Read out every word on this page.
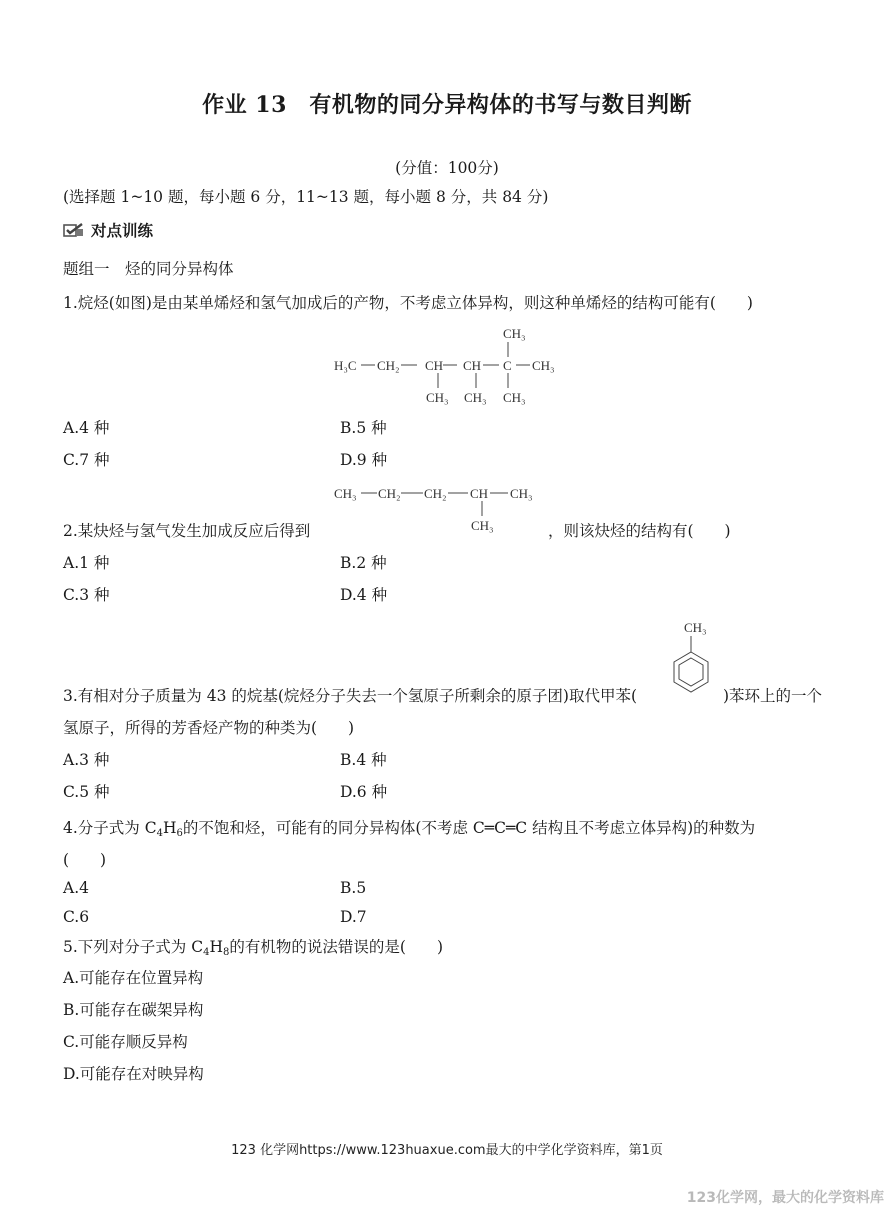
作业 13　有机物的同分异构体的书写与数目判断
(分值：100分)
(选择题 1~10 题，每小题 6 分，11~13 题，每小题 8 分，共 84 分)
对点训练
题组一　烃的同分异构体
1.烷烃(如图)是由某单烯烃和氢气加成后的产物，不考虑立体异构，则这种单烯烃的结构可能有(　　)
H₃C CH₂ CH CH C CH₃
CH₃
CH₃ CH₃ CH₃
A.4 种	B.5 种
C.7 种	D.9 种
CH₃ CH₂ CH₂ CH CH₃
CH₃
2.某炔烃与氢气发生加成反应后得到	，则该炔烃的结构有(　　)
A.1 种	B.2 种
C.3 种	D.4 种
CH₃
3.有相对分子质量为 43 的烷基(烷烃分子失去一个氢原子所剩余的原子团)取代甲苯(	)苯环上的一个
氢原子，所得的芳香烃产物的种类为(　　)
A.3 种	B.4 种
C.5 种	D.6 种
4.分子式为 $C_4H_6$的不饱和烃，可能有的同分异构体(不考虑 C═C═C 结构且不考虑立体异构)的种数为
(　　)
A.4	B.5
C.6	D.7
5.下列对分子式为 $C_4H_8$的有机物的说法错误的是(　　)
A.可能存在位置异构
B.可能存在碳架异构
C.可能存顺反异构
D.可能存在对映异构
123 化学网https://www.123huaxue.com最大的中学化学资料库，第1页
123化学网，最大的化学资料库
